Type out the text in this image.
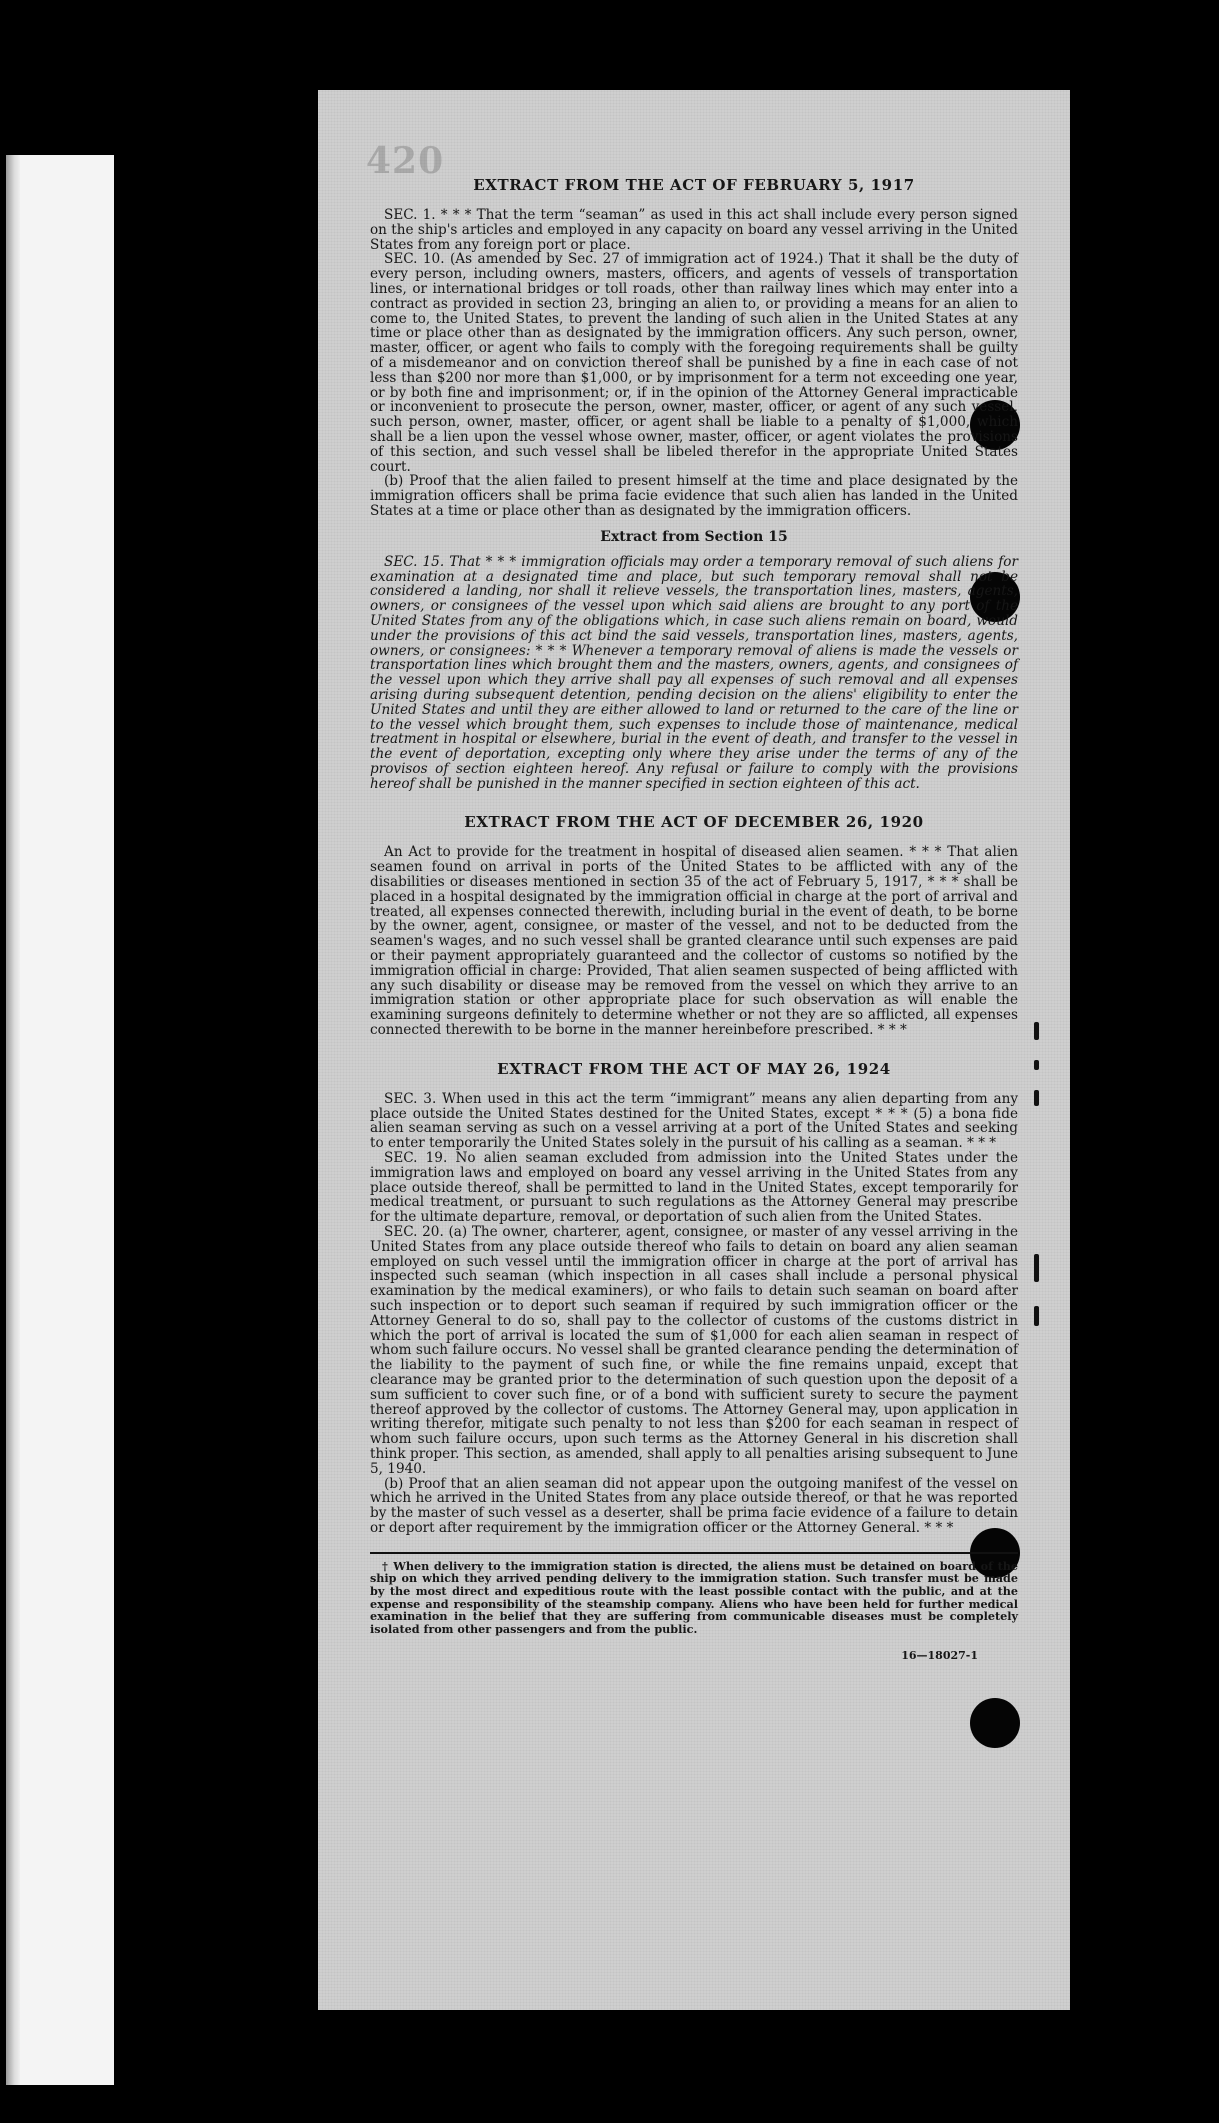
420
EXTRACT FROM THE ACT OF FEBRUARY 5, 1917

SEC. 1. * * * That the term “seaman” as used in this act shall include every person signed on the ship's articles and employed in any capacity on board any vessel arriving in the United States from any foreign port or place.

SEC. 10. (As amended by Sec. 27 of immigration act of 1924.) That it shall be the duty of every person, including owners, masters, officers, and agents of vessels of transportation lines, or international bridges or toll roads, other than railway lines which may enter into a contract as provided in section 23, bringing an alien to, or providing a means for an alien to come to, the United States, to prevent the landing of such alien in the United States at any time or place other than as designated by the immigration officers. Any such person, owner, master, officer, or agent who fails to comply with the foregoing requirements shall be guilty of a misdemeanor and on conviction thereof shall be punished by a fine in each case of not less than $200 nor more than $1,000, or by imprisonment for a term not exceeding one year, or by both fine and imprisonment; or, if in the opinion of the Attorney General impracticable or inconvenient to prosecute the person, owner, master, officer, or agent of any such vessel, such person, owner, master, officer, or agent shall be liable to a penalty of $1,000, which shall be a lien upon the vessel whose owner, master, officer, or agent violates the provisions of this section, and such vessel shall be libeled therefor in the appropriate United States court.

(b) Proof that the alien failed to present himself at the time and place designated by the immigration officers shall be prima facie evidence that such alien has landed in the United States at a time or place other than as designated by the immigration officers.

Extract from Section 15

SEC. 15. That * * * immigration officials may order a temporary removal of such aliens for examination at a designated time and place, but such temporary removal shall not be considered a landing, nor shall it relieve vessels, the transportation lines, masters, agents, owners, or consignees of the vessel upon which said aliens are brought to any port of the United States from any of the obligations which, in case such aliens remain on board, would under the provisions of this act bind the said vessels, transportation lines, masters, agents, owners, or consignees: * * * Whenever a temporary removal of aliens is made the vessels or transportation lines which brought them and the masters, owners, agents, and consignees of the vessel upon which they arrive shall pay all expenses of such removal and all expenses arising during subsequent detention, pending decision on the aliens' eligibility to enter the United States and until they are either allowed to land or returned to the care of the line or to the vessel which brought them, such expenses to include those of maintenance, medical treatment in hospital or elsewhere, burial in the event of death, and transfer to the vessel in the event of deportation, excepting only where they arise under the terms of any of the provisos of section eighteen hereof. Any refusal or failure to comply with the provisions hereof shall be punished in the manner specified in section eighteen of this act.

EXTRACT FROM THE ACT OF DECEMBER 26, 1920

An Act to provide for the treatment in hospital of diseased alien seamen. * * * That alien seamen found on arrival in ports of the United States to be afflicted with any of the disabilities or diseases mentioned in section 35 of the act of February 5, 1917, * * * shall be placed in a hospital designated by the immigration official in charge at the port of arrival and treated, all expenses connected therewith, including burial in the event of death, to be borne by the owner, agent, consignee, or master of the vessel, and not to be deducted from the seamen's wages, and no such vessel shall be granted clearance until such expenses are paid or their payment appropriately guaranteed and the collector of customs so notified by the immigration official in charge: Provided, That alien seamen suspected of being afflicted with any such disability or disease may be removed from the vessel on which they arrive to an immigration station or other appropriate place for such observation as will enable the examining surgeons definitely to determine whether or not they are so afflicted, all expenses connected therewith to be borne in the manner hereinbefore prescribed. * * *

EXTRACT FROM THE ACT OF MAY 26, 1924

SEC. 3. When used in this act the term “immigrant” means any alien departing from any place outside the United States destined for the United States, except * * * (5) a bona fide alien seaman serving as such on a vessel arriving at a port of the United States and seeking to enter temporarily the United States solely in the pursuit of his calling as a seaman. * * *

SEC. 19. No alien seaman excluded from admission into the United States under the immigration laws and employed on board any vessel arriving in the United States from any place outside thereof, shall be permitted to land in the United States, except temporarily for medical treatment, or pursuant to such regulations as the Attorney General may prescribe for the ultimate departure, removal, or deportation of such alien from the United States.

SEC. 20. (a) The owner, charterer, agent, consignee, or master of any vessel arriving in the United States from any place outside thereof who fails to detain on board any alien seaman employed on such vessel until the immigration officer in charge at the port of arrival has inspected such seaman (which inspection in all cases shall include a personal physical examination by the medical examiners), or who fails to detain such seaman on board after such inspection or to deport such seaman if required by such immigration officer or the Attorney General to do so, shall pay to the collector of customs of the customs district in which the port of arrival is located the sum of $1,000 for each alien seaman in respect of whom such failure occurs. No vessel shall be granted clearance pending the determination of the liability to the payment of such fine, or while the fine remains unpaid, except that clearance may be granted prior to the determination of such question upon the deposit of a sum sufficient to cover such fine, or of a bond with sufficient surety to secure the payment thereof approved by the collector of customs. The Attorney General may, upon application in writing therefor, mitigate such penalty to not less than $200 for each seaman in respect of whom such failure occurs, upon such terms as the Attorney General in his discretion shall think proper. This section, as amended, shall apply to all penalties arising subsequent to June 5, 1940.

(b) Proof that an alien seaman did not appear upon the outgoing manifest of the vessel on which he arrived in the United States from any place outside thereof, or that he was reported by the master of such vessel as a deserter, shall be prima facie evidence of a failure to detain or deport after requirement by the immigration officer or the Attorney General. * * *

† When delivery to the immigration station is directed, the aliens must be detained on board of the ship on which they arrived pending delivery to the immigration station. Such transfer must be made by the most direct and expeditious route with the least possible contact with the public, and at the expense and responsibility of the steamship company. Aliens who have been held for further medical examination in the belief that they are suffering from communicable diseases must be completely isolated from other passengers and from the public.

16—18027-1
